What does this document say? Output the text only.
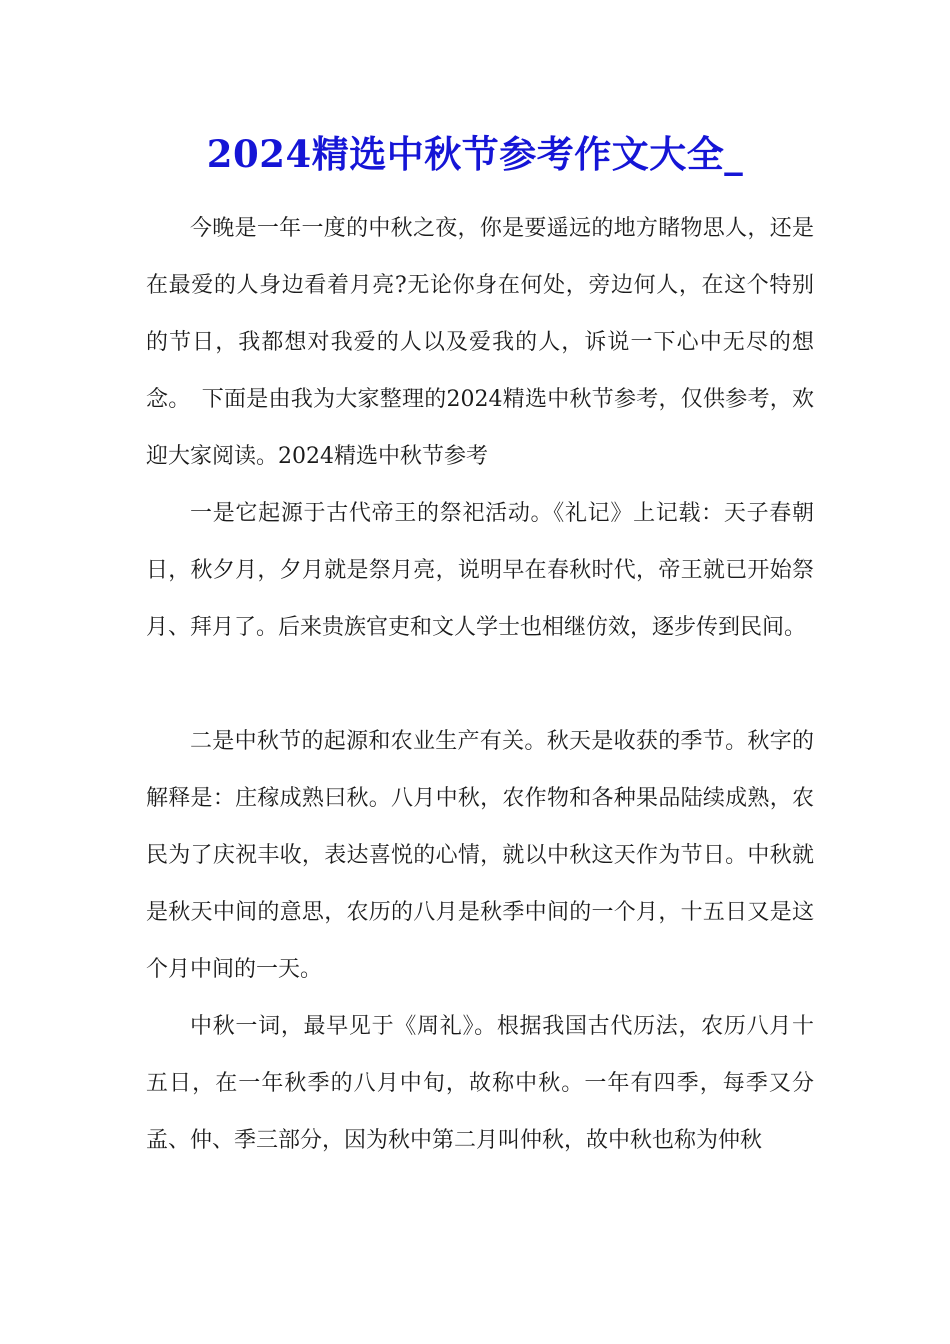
2024精选中秋节参考作文大全_

今晚是一年一度的中秋之夜，你是要遥远的地方睹物思人，还是在最爱的人身边看着月亮?无论你身在何处，旁边何人，在这个特别的节日，我都想对我爱的人以及爱我的人，诉说一下心中无尽的想念。　下面是由我为大家整理的2024精选中秋节参考，仅供参考，欢迎大家阅读。2024精选中秋节参考

一是它起源于古代帝王的祭祀活动。《礼记》上记载：天子春朝日，秋夕月，夕月就是祭月亮，说明早在春秋时代，帝王就已开始祭月、拜月了。后来贵族官吏和文人学士也相继仿效，逐步传到民间。

二是中秋节的起源和农业生产有关。秋天是收获的季节。秋字的解释是：庄稼成熟曰秋。八月中秋，农作物和各种果品陆续成熟，农民为了庆祝丰收，表达喜悦的心情，就以中秋这天作为节日。中秋就是秋天中间的意思，农历的八月是秋季中间的一个月，十五日又是这个月中间的一天。

中秋一词，最早见于《周礼》。根据我国古代历法，农历八月十五日，在一年秋季的八月中旬，故称中秋。一年有四季，每季又分孟、仲、季三部分，因为秋中第二月叫仲秋，故中秋也称为仲秋
